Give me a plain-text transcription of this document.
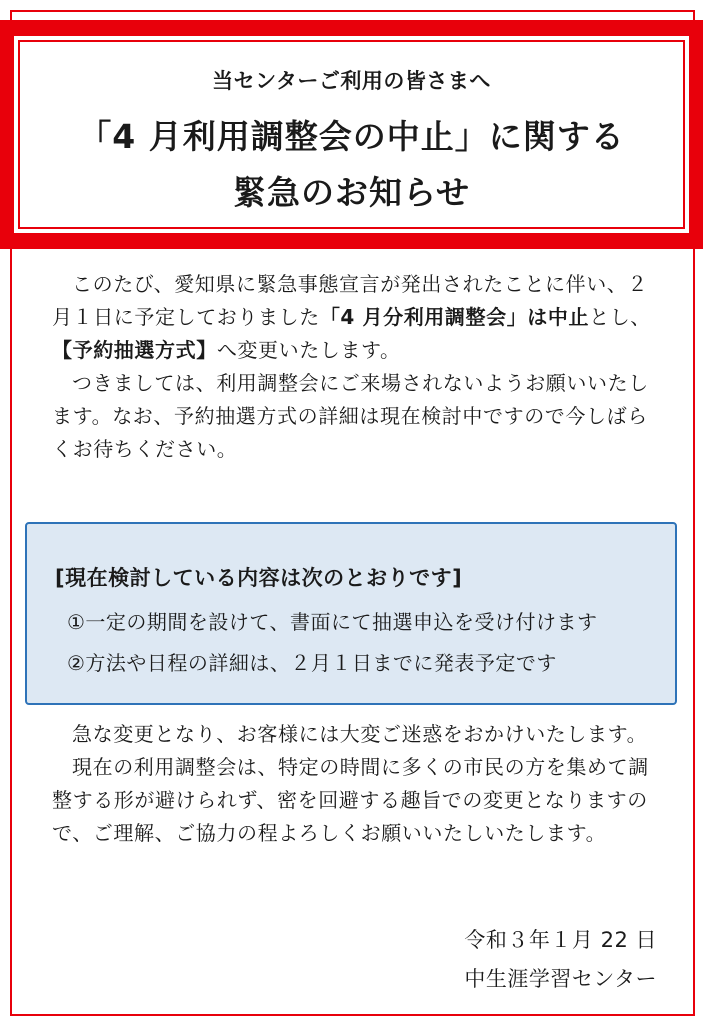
当センターご利用の皆さまへ
「4 月利用調整会の中止」に関する
緊急のお知らせ

このたび、愛知県に緊急事態宣言が発出されたことに伴い、２月１日に予定しておりました「4 月分利用調整会」は中止とし、【予約抽選方式】へ変更いたします。

つきましては、利用調整会にご来場されないようお願いいたします。なお、予約抽選方式の詳細は現在検討中ですので今しばらくお待ちください。

[現在検討している内容は次のとおりです]
①一定の期間を設けて、書面にて抽選申込を受け付けます
②方法や日程の詳細は、２月１日までに発表予定です

急な変更となり、お客様には大変ご迷惑をおかけいたします。

現在の利用調整会は、特定の時間に多くの市民の方を集めて調整する形が避けられず、密を回避する趣旨での変更となりますので、ご理解、ご協力の程よろしくお願いいたしいたします。

令和３年１月 22 日
中生涯学習センター
